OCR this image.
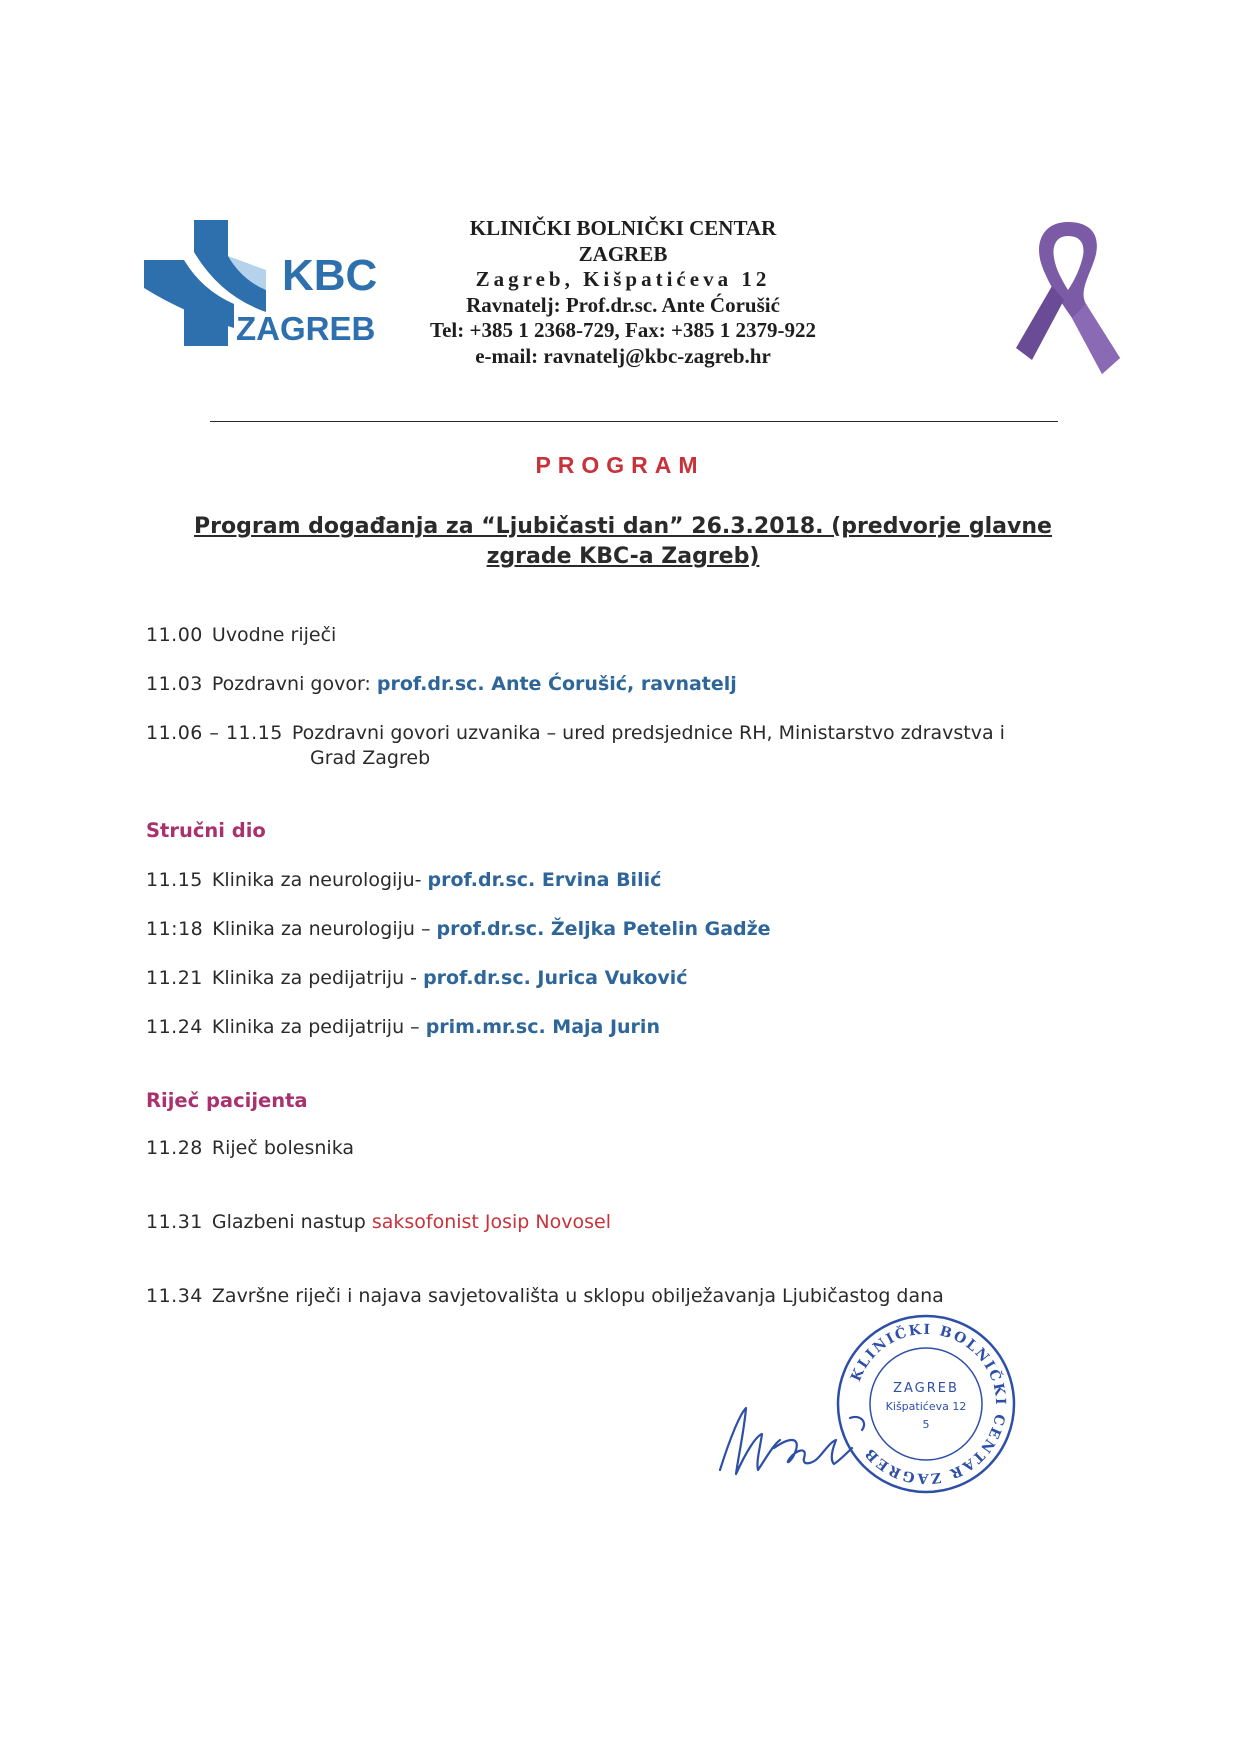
KBC
ZAGREB
KLINIČKI BOLNIČKI CENTAR
ZAGREB
Zagreb, Kišpatićeva 12
Ravnatelj: Prof.dr.sc. Ante Ćorušić
Tel: +385 1 2368-729, Fax: +385 1 2379-922
e-mail: ravnatelj@kbc-zagreb.hr
PROGRAM
Program događanja za “Ljubičasti dan” 26.3.2018. (predvorje glavne zgrade KBC-a Zagreb)
11.00 Uvodne riječi
11.03 Pozdravni govor: prof.dr.sc. Ante Ćorušić, ravnatelj
11.06 – 11.15 Pozdravni govori uzvanika – ured predsjednice RH, Ministarstvo zdravstva i
Grad Zagreb
Stručni dio
11.15 Klinika za neurologiju- prof.dr.sc. Ervina Bilić
11:18 Klinika za neurologiju – prof.dr.sc. Željka Petelin Gadže
11.21 Klinika za pedijatriju - prof.dr.sc. Jurica Vuković
11.24 Klinika za pedijatriju – prim.mr.sc. Maja Jurin
Riječ pacijenta
11.28 Riječ bolesnika
11.31 Glazbeni nastup saksofonist Josip Novosel
11.34 Završne riječi i najava savjetovališta u sklopu obilježavanja Ljubičastog dana
KLINIČKI BOLNIČKI CENTAR ZAGREB
ZAGREB
Kišpatićeva 12
5
